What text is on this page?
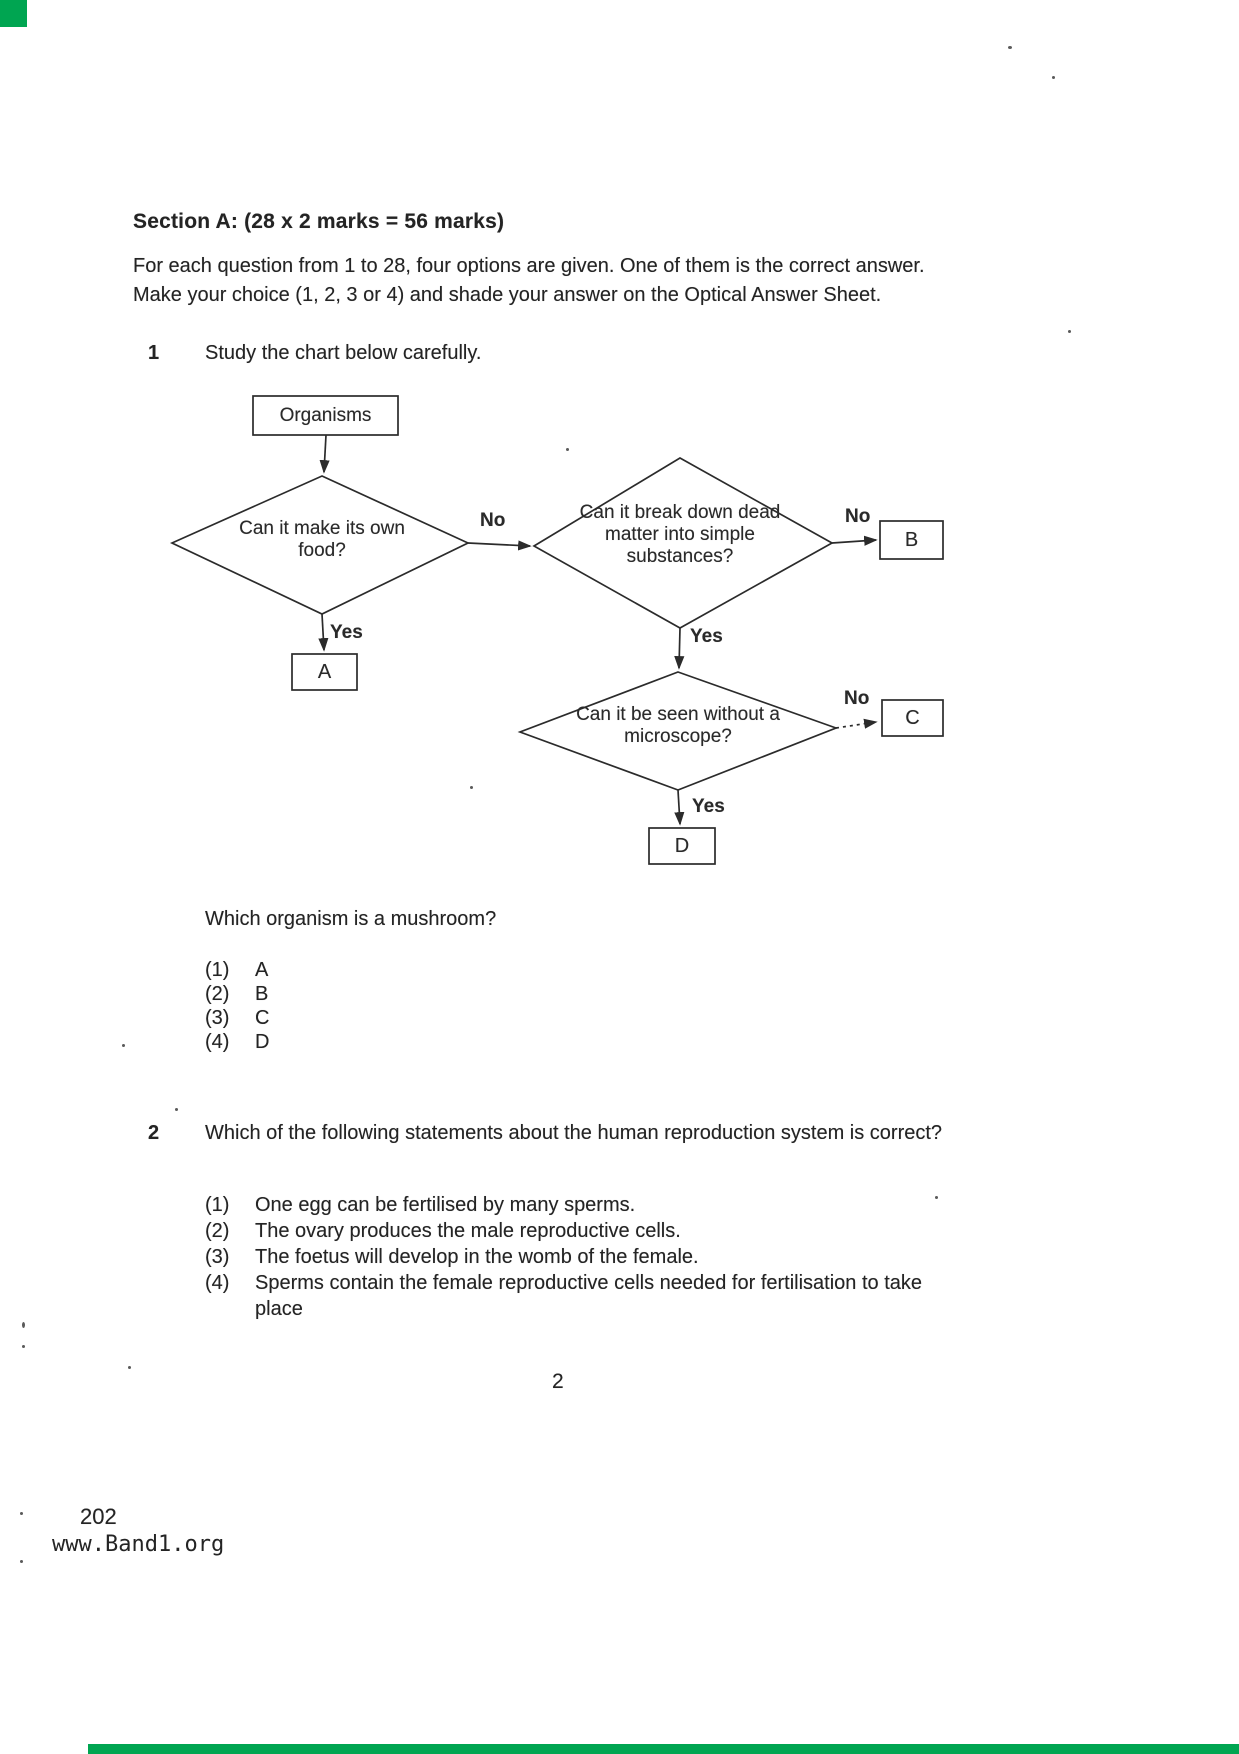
Section A: (28 x 2 marks = 56 marks)
For each question from 1 to 28, four options are given. One of them is the correct answer.
Make your choice (1, 2, 3 or 4) and shade your answer on the Optical Answer Sheet.
1 Study the chart below carefully.
Organisms
Can it make its own food?
Can it break down dead matter into simple substances?
Can it be seen without a microscope?
No	No
No
Yes	Yes
Yes
B
A
C
D
Which organism is a mushroom?
(1)	A
(2)	B
(3)	C
(4)	D
2 Which of the following statements about the human reproduction system is correct?
(1)	One egg can be fertilised by many sperms.
(2)	The ovary produces the male reproductive cells.
(3)	The foetus will develop in the womb of the female.
(4)	Sperms contain the female reproductive cells needed for fertilisation to take place
2
202
www.Band1.org
